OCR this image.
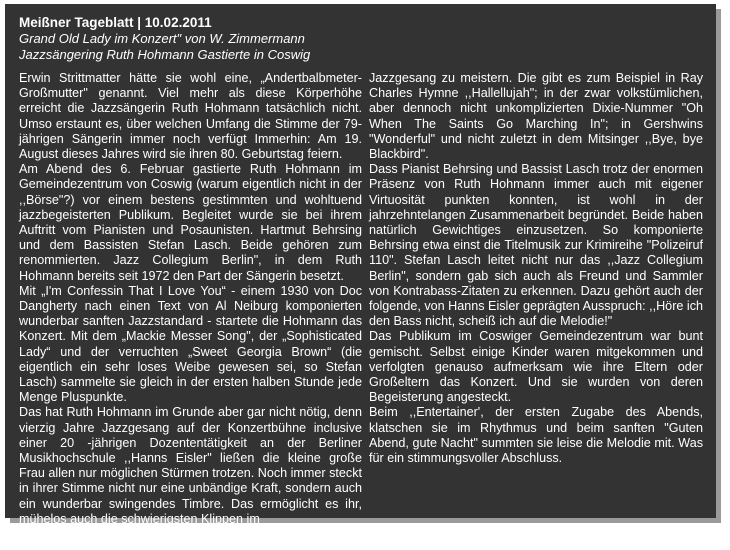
Meißner Tageblatt | 10.02.2011
Grand Old Lady im Konzert" von W. Zimmermann
Jazzsängering Ruth Hohmann Gastierte in Coswig

Erwin Strittmatter hätte sie wohl eine, „Andertbalbmeter-Großmutter" genannt. Viel mehr als diese Körperhöhe erreicht die Jazzsängerin Ruth Hohmann tatsächlich nicht. Umso erstaunt es, über welchen Umfang die Stimme der 79-jährigen Sängerin immer noch verfügt Immerhin: Am 19. August dieses Jahres wird sie ihren 80. Geburtstag feiern.

Am Abend des 6. Februar gastierte Ruth Hohmann im Gemeindezentrum von Coswig (warum eigentlich nicht in der ,,Börse"?) vor einem bestens gestimmten und wohltuend jazzbegeisterten Publikum. Begleitet wurde sie bei ihrem Auftritt vom Pianisten und Posaunisten. Hartmut Behrsing und dem Bassisten Stefan Lasch. Beide gehören zum renommierten. Jazz Collegium Berlin", in dem Ruth Hohmann bereits seit 1972 den Part der Sängerin besetzt.

Mit „I'm Confessin That I Love You“ - einem 1930 von Doc Dangherty nach einen Text von Al Neiburg komponierten wunderbar sanften Jazzstandard - startete die Hohmann das Konzert. Mit dem „Mackie Messer Song", der „Sophisticated Lady“ und der verruchten „Sweet Georgia Brown“ (die eigentlich ein sehr loses Weibe gewesen sei, so Stefan Lasch) sammelte sie gleich in der ersten halben Stunde jede Menge Pluspunkte.

Das hat Ruth Hohmann im Grunde aber gar nicht nötig, denn vierzig Jahre Jazzgesang auf der Konzertbühne inclusive einer 20 -jährigen Dozententätigkeit an der Berliner Musikhochschule ,,Hanns Eisler" ließen die kleine große Frau allen nur möglichen Stürmen trotzen. Noch immer steckt in ihrer Stimme nicht nur eine unbändige Kraft, sondern auch ein wunderbar swingendes Timbre. Das ermöglicht es ihr, mühelos auch die schwierigsten Klippen im

Jazzgesang zu meistern. Die gibt es zum Beispiel in Ray Charles Hymne ,,Hallellujah"; in der zwar volkstümlichen, aber dennoch nicht unkomplizierten Dixie-Nummer "Oh When The Saints Go Marching In"; in Gershwins "Wonderful" und nicht zuletzt in dem Mitsinger ,,Bye, bye Blackbird".

Dass Pianist Behrsing und Bassist Lasch trotz der enormen Präsenz von Ruth Hohmann immer auch mit eigener Virtuosität punkten konnten, ist wohl in der jahrzehntelangen Zusammenarbeit begründet. Beide haben natürlich Gewichtiges einzusetzen. So komponierte Behrsing etwa einst die Titelmusik zur Krimireihe "Polizeiruf 110". Stefan Lasch leitet nicht nur das ,,Jazz Collegium Berlin", sondern gab sich auch als Freund und Sammler von Kontrabass-Zitaten zu erkennen. Dazu gehört auch der folgende, von Hanns Eisler geprägten Ausspruch: ,,Höre ich den Bass nicht, scheiß ich auf die Melodie!"

Das Publikum im Coswiger Gemeindezentrum war bunt gemischt. Selbst einige Kinder waren mitgekommen und verfolgten genauso aufmerksam wie ihre Eltern oder Großeltern das Konzert. Und sie wurden von deren Begeisterung angesteckt.

Beim ,,Entertainer', der ersten Zugabe des Abends, klatschen sie im Rhythmus und beim sanften "Guten Abend, gute Nacht" summten sie leise die Melodie mit. Was für ein stimmungsvoller Abschluss.
